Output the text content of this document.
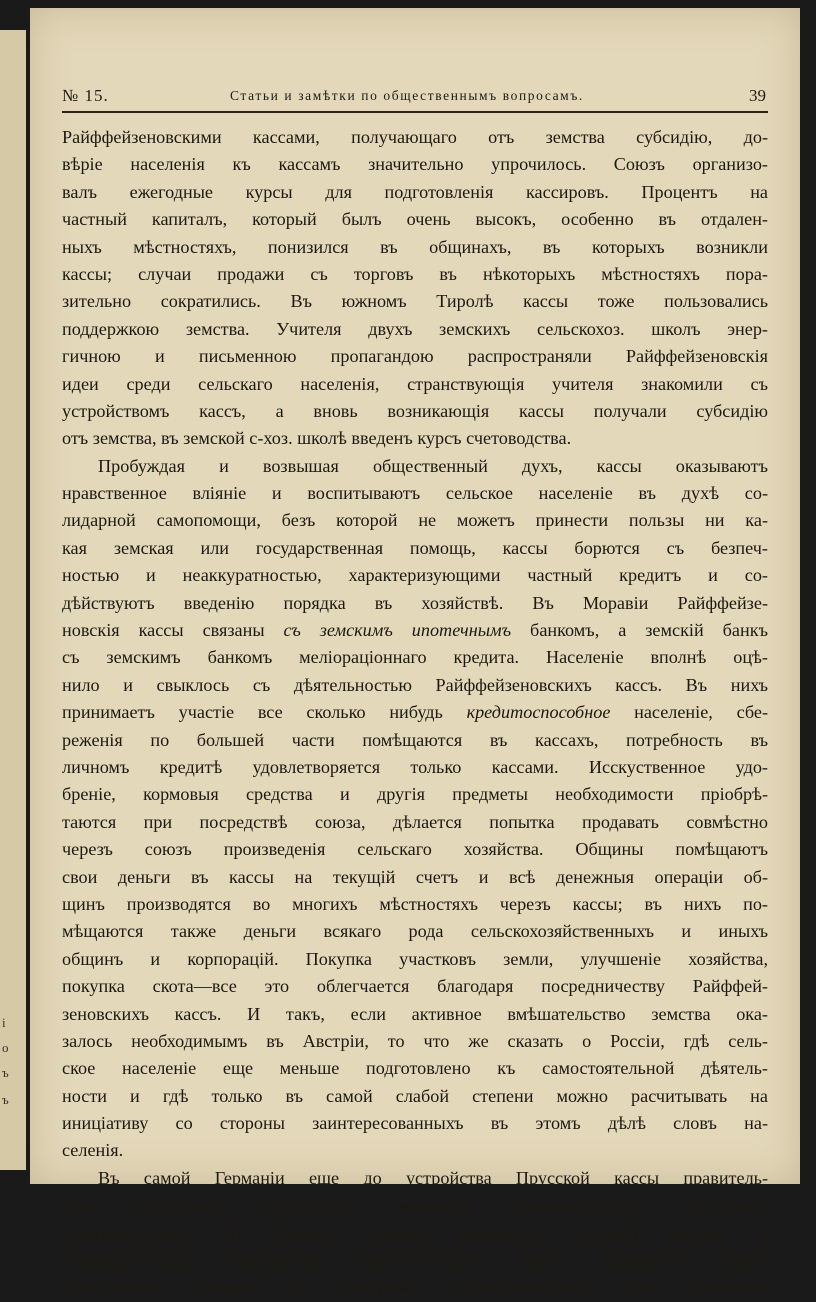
і
о
ъ
ъ
№ 15.	Статьи и замѣтки по общественнымъ вопросамъ.	39
Райффейзеновскими кассами, получающаго отъ земства субсидію, до-
вѣріе населенія къ кассамъ значительно упрочилось. Союзъ организо-
валъ ежегодные курсы для подготовленія кассировъ. Процентъ на
частный капиталъ, который былъ очень высокъ, особенно въ отдален-
ныхъ мѣстностяхъ, понизился въ общинахъ, въ которыхъ возникли
кассы; случаи продажи съ торговъ въ нѣкоторыхъ мѣстностяхъ пора-
зительно сократились. Въ южномъ Тиролѣ кассы тоже пользовались
поддержкою земства. Учителя двухъ земскихъ сельскохоз. школъ энер-
гичною и письменною пропагандою распространяли Райффейзеновскія
идеи среди сельскаго населенія, странствующія учителя знакомили съ
устройствомъ кассъ, а вновь возникающія кассы получали субсидію
отъ земства, въ земской с-хоз. школѣ введенъ курсъ счетоводства.
Пробуждая и возвышая общественный духъ, кассы оказываютъ
нравственное вліяніе и воспитываютъ сельское населеніе въ духѣ со-
лидарной самопомощи, безъ которой не можетъ принести пользы ни ка-
кая земская или государственная помощь, кассы борются съ безпеч-
ностью и неаккуратностью, характеризующими частный кредитъ и со-
дѣйствуютъ введенію порядка въ хозяйствѣ. Въ Моравіи Райффейзе-
новскія кассы связаны съ земскимъ ипотечнымъ банкомъ, а земскій банкъ
съ земскимъ банкомъ меліораціоннаго кредита. Населеніе вполнѣ оцѣ-
нило и свыклось съ дѣятельностью Райффейзеновскихъ кассъ. Въ нихъ
принимаетъ участіе все сколько нибудь кредитоспособное населеніе, сбе-
реженія по большей части помѣщаются въ кассахъ, потребность въ
личномъ кредитѣ удовлетворяется только кассами. Исскуственное удо-
бреніе, кормовыя средства и другія предметы необходимости пріобрѣ-
таются при посредствѣ союза, дѣлается попытка продавать совмѣстно
черезъ союзъ произведенія сельскаго хозяйства. Общины помѣщаютъ
свои деньги въ кассы на текущій счетъ и всѣ денежныя операціи об-
щинъ производятся во многихъ мѣстностяхъ черезъ кассы; въ нихъ по-
мѣщаются также деньги всякаго рода сельскохозяйственныхъ и иныхъ
общинъ и корпорацій. Покупка участковъ земли, улучшеніе хозяйства,
покупка скота—все это облегчается благодаря посредничеству Райффей-
зеновскихъ кассъ. И такъ, если активное вмѣшательство земства ока-
залось необходимымъ въ Австріи, то что же сказать о Россіи, гдѣ сель-
ское населеніе еще меньше подготовлено къ самостоятельной дѣятель-
ности и гдѣ только въ самой слабой степени можно расчитывать на
иниціативу со стороны заинтересованныхъ въ этомъ дѣлѣ словъ на-
селенія.
Въ самой Германіи еще до устройства Прусской кассы правитель-
ства отдѣльныхъ государствъ оказывали покровительство сельскохоз.
товариществамъ. Въ Баваріи, помимо денежныхъ субсидій кассамъ и
товариществамъ, совершенно самостоятельное мѣсто занимаютъ прави-
тельственныя затраты на постройку зернохранилищъ. Для облегченія
